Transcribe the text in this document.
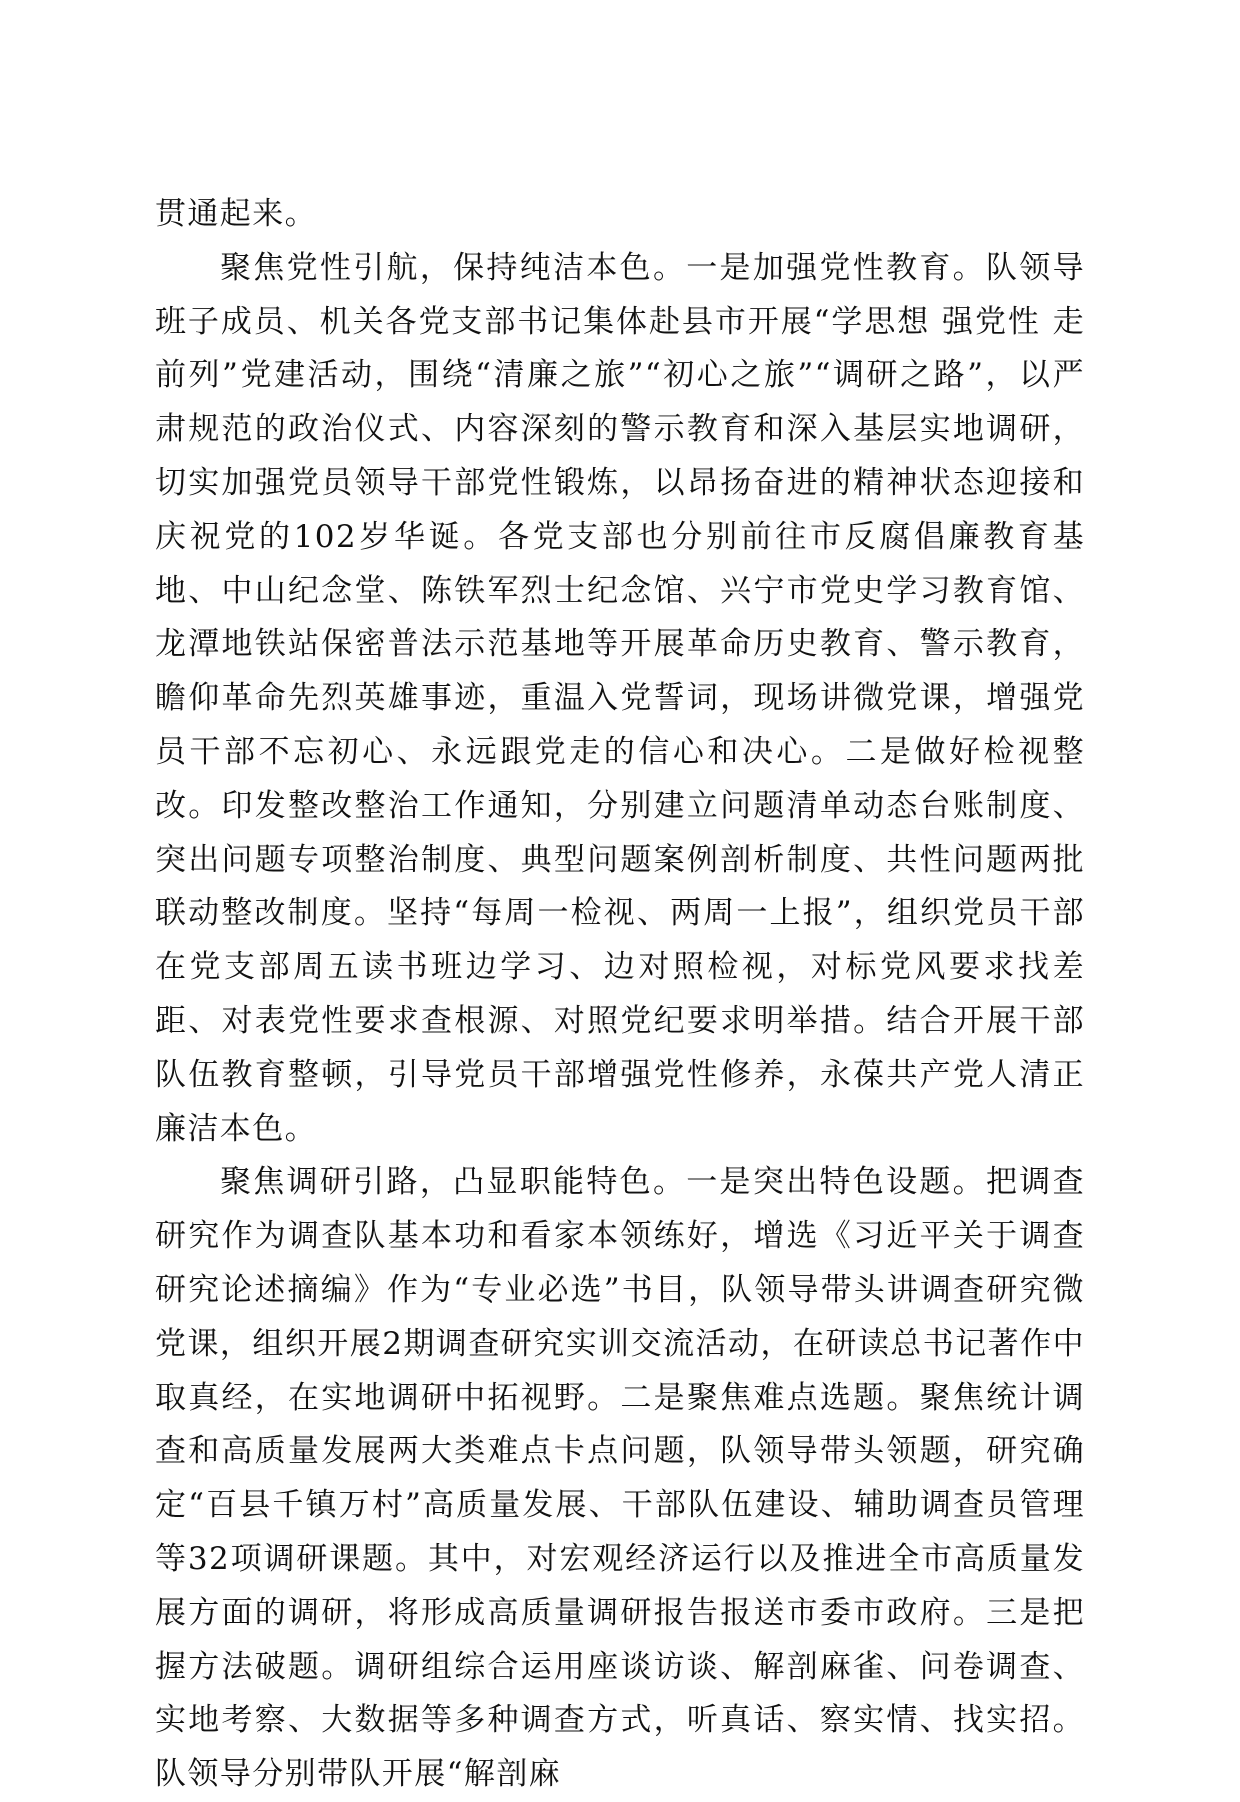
贯通起来。

聚焦党性引航，保持纯洁本色。一是加强党性教育。队领导班子成员、机关各党支部书记集体赴县市开展“学思想 强党性 走前列”党建活动，围绕“清廉之旅”“初心之旅”“调研之路”，以严肃规范的政治仪式、内容深刻的警示教育和深入基层实地调研，切实加强党员领导干部党性锻炼，以昂扬奋进的精神状态迎接和庆祝党的102岁华诞。各党支部也分别前往市反腐倡廉教育基地、中山纪念堂、陈铁军烈士纪念馆、兴宁市党史学习教育馆、龙潭地铁站保密普法示范基地等开展革命历史教育、警示教育，瞻仰革命先烈英雄事迹，重温入党誓词，现场讲微党课，增强党员干部不忘初心、永远跟党走的信心和决心。二是做好检视整改。印发整改整治工作通知，分别建立问题清单动态台账制度、突出问题专项整治制度、典型问题案例剖析制度、共性问题两批联动整改制度。坚持“每周一检视、两周一上报”，组织党员干部在党支部周五读书班边学习、边对照检视，对标党风要求找差距、对表党性要求查根源、对照党纪要求明举措。结合开展干部队伍教育整顿，引导党员干部增强党性修养，永葆共产党人清正廉洁本色。

聚焦调研引路，凸显职能特色。一是突出特色设题。把调查研究作为调查队基本功和看家本领练好，增选《习近平关于调查研究论述摘编》作为“专业必选”书目，队领导带头讲调查研究微党课，组织开展2期调查研究实训交流活动，在研读总书记著作中取真经，在实地调研中拓视野。二是聚焦难点选题。聚焦统计调查和高质量发展两大类难点卡点问题，队领导带头领题，研究确定“百县千镇万村”高质量发展、干部队伍建设、辅助调查员管理等32项调研课题。其中，对宏观经济运行以及推进全市高质量发展方面的调研，将形成高质量调研报告报送市委市政府。三是把握方法破题。调研组综合运用座谈访谈、解剖麻雀、问卷调查、实地考察、大数据等多种调查方式，听真话、察实情、找实招。队领导分别带队开展“解剖麻
